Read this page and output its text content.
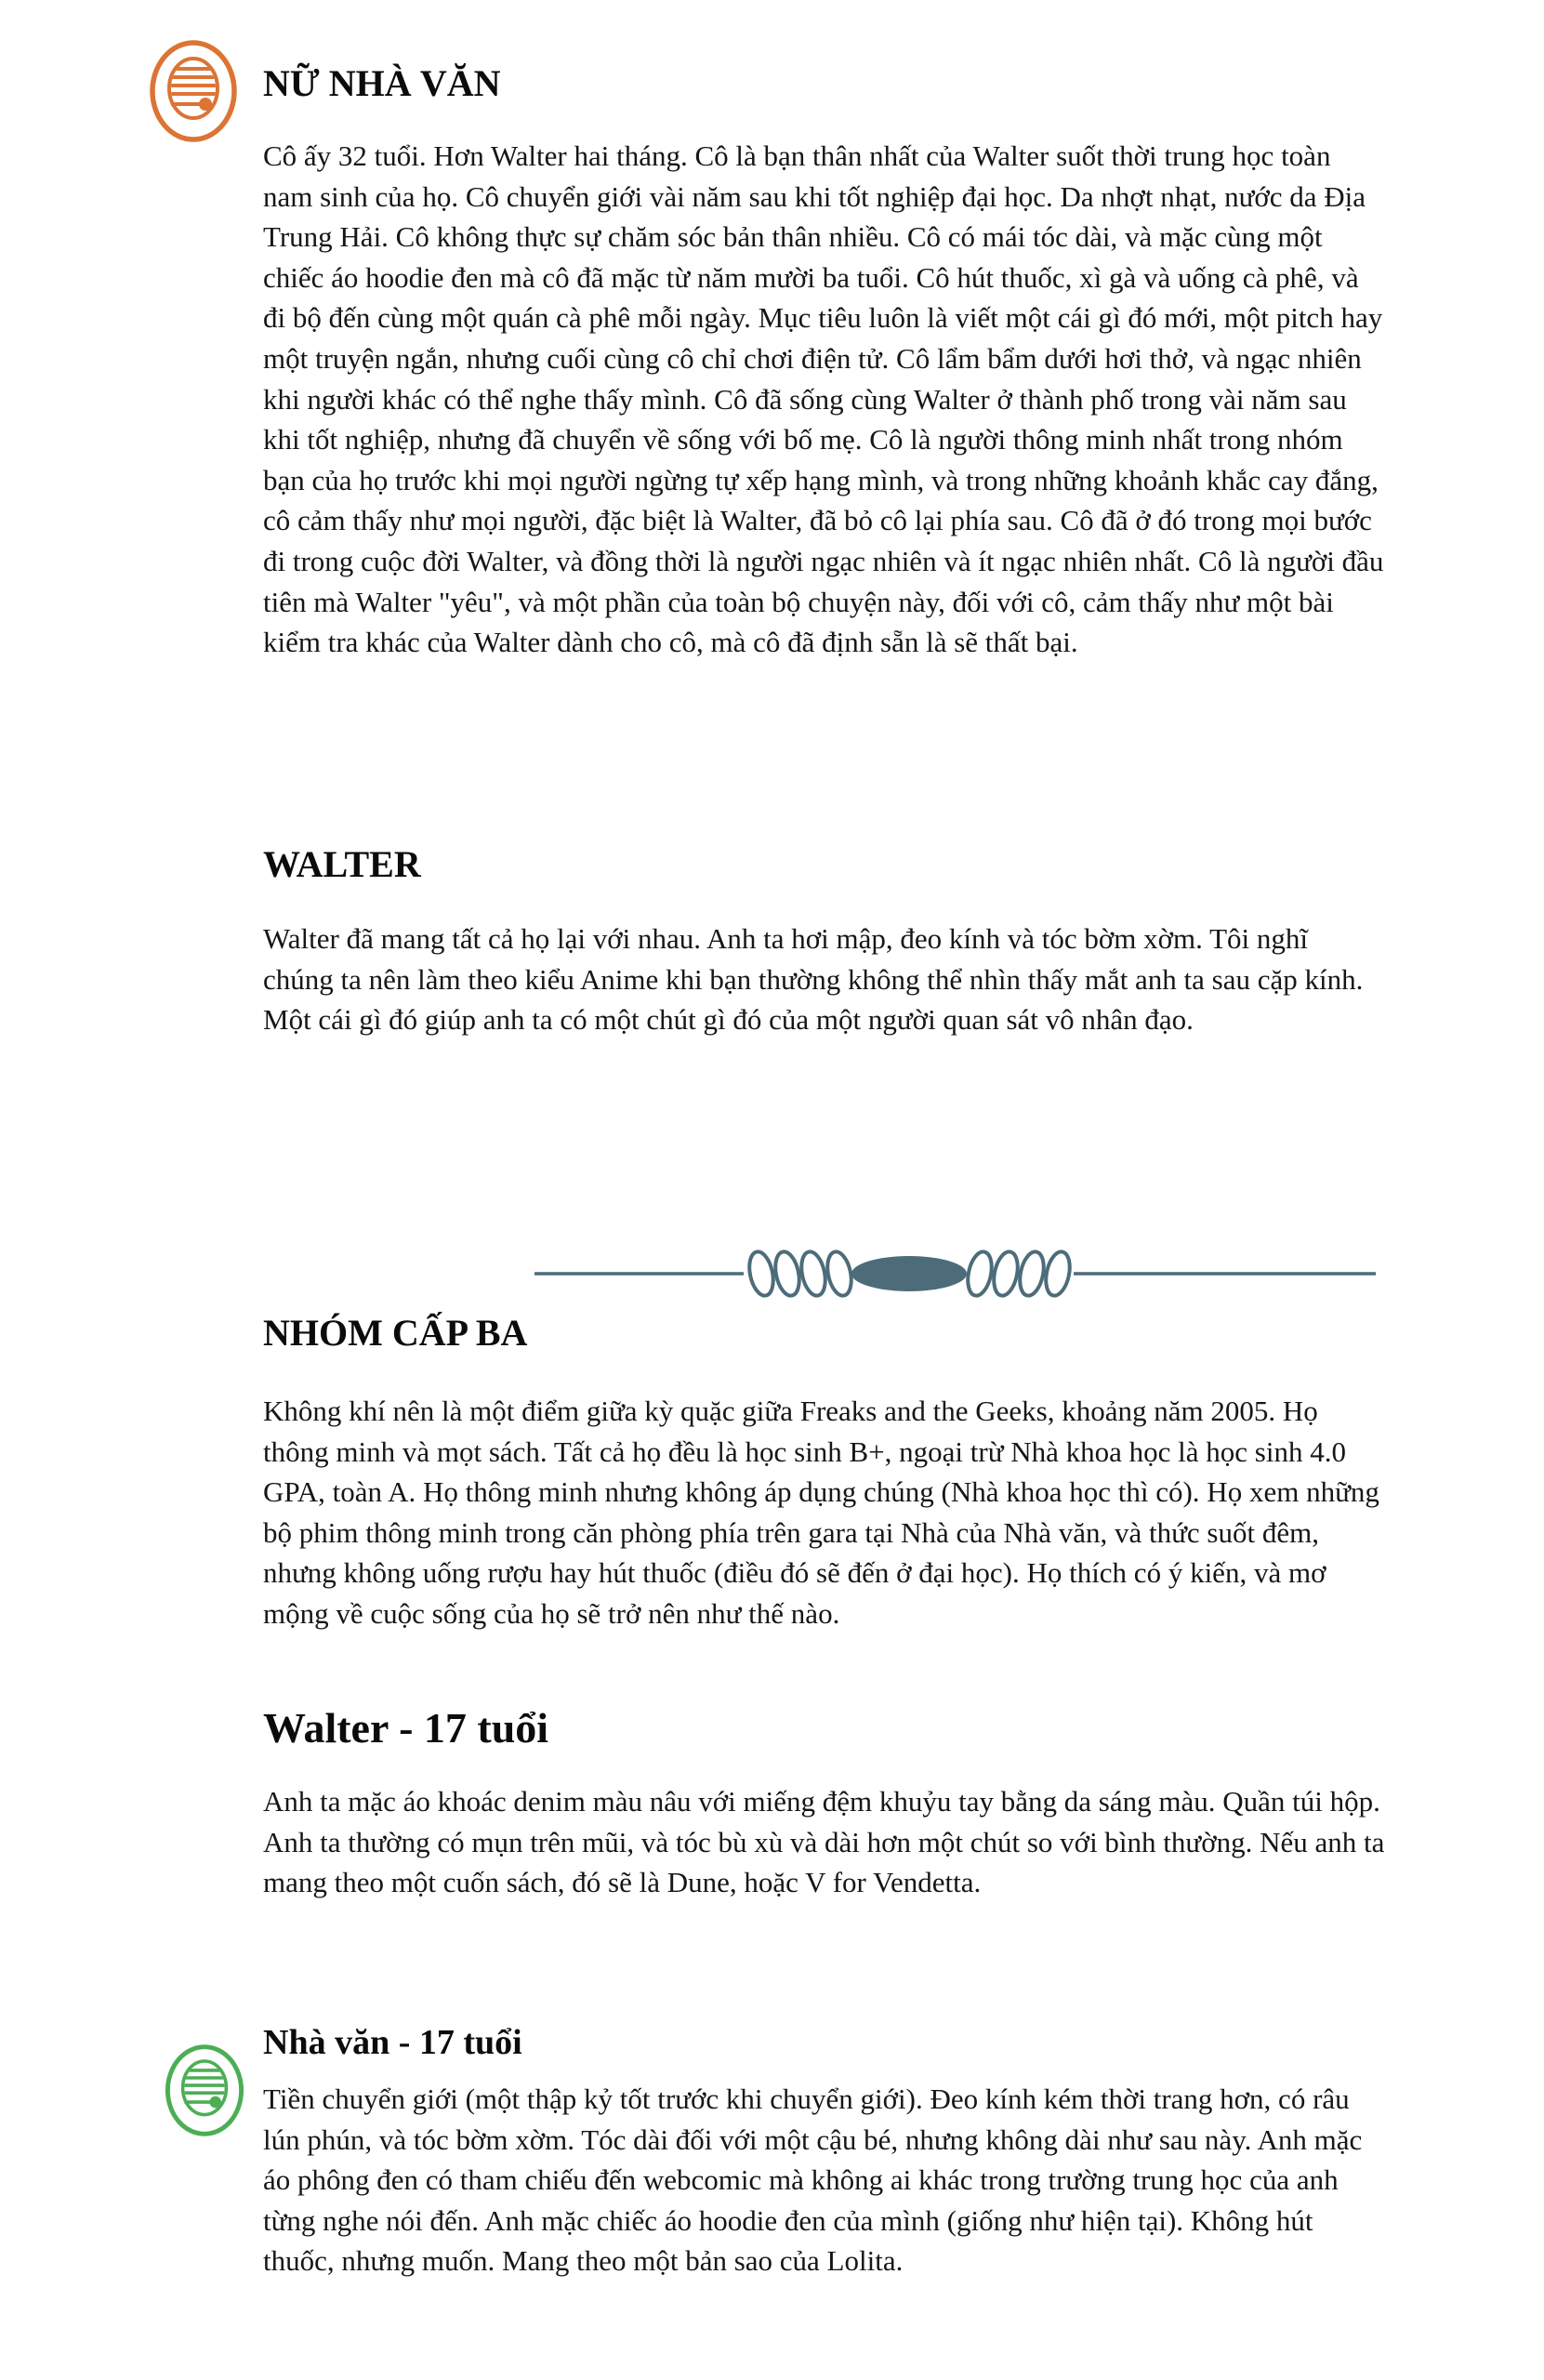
NỮ NHÀ VĂN

Cô ấy 32 tuổi. Hơn Walter hai tháng. Cô là bạn thân nhất của Walter suốt thời trung học toàn nam sinh của họ. Cô chuyển giới vài năm sau khi tốt nghiệp đại học. Da nhợt nhạt, nước da Địa Trung Hải. Cô không thực sự chăm sóc bản thân nhiều. Cô có mái tóc dài, và mặc cùng một chiếc áo hoodie đen mà cô đã mặc từ năm mười ba tuổi. Cô hút thuốc, xì gà và uống cà phê, và đi bộ đến cùng một quán cà phê mỗi ngày. Mục tiêu luôn là viết một cái gì đó mới, một pitch hay một truyện ngắn, nhưng cuối cùng cô chỉ chơi điện tử. Cô lẩm bẩm dưới hơi thở, và ngạc nhiên khi người khác có thể nghe thấy mình. Cô đã sống cùng Walter ở thành phố trong vài năm sau khi tốt nghiệp, nhưng đã chuyển về sống với bố mẹ. Cô là người thông minh nhất trong nhóm bạn của họ trước khi mọi người ngừng tự xếp hạng mình, và trong những khoảnh khắc cay đắng, cô cảm thấy như mọi người, đặc biệt là Walter, đã bỏ cô lại phía sau. Cô đã ở đó trong mọi bước đi trong cuộc đời Walter, và đồng thời là người ngạc nhiên và ít ngạc nhiên nhất. Cô là người đầu tiên mà Walter "yêu", và một phần của toàn bộ chuyện này, đối với cô, cảm thấy như một bài kiểm tra khác của Walter dành cho cô, mà cô đã định sẵn là sẽ thất bại.

WALTER

Walter đã mang tất cả họ lại với nhau. Anh ta hơi mập, đeo kính và tóc bờm xờm. Tôi nghĩ chúng ta nên làm theo kiểu Anime khi bạn thường không thể nhìn thấy mắt anh ta sau cặp kính. Một cái gì đó giúp anh ta có một chút gì đó của một người quan sát vô nhân đạo.

NHÓM CẤP BA

Không khí nên là một điểm giữa kỳ quặc giữa Freaks and the Geeks, khoảng năm 2005. Họ thông minh và mọt sách. Tất cả họ đều là học sinh B+, ngoại trừ Nhà khoa học là học sinh 4.0 GPA, toàn A. Họ thông minh nhưng không áp dụng chúng (Nhà khoa học thì có). Họ xem những bộ phim thông minh trong căn phòng phía trên gara tại Nhà của Nhà văn, và thức suốt đêm, nhưng không uống rượu hay hút thuốc (điều đó sẽ đến ở đại học). Họ thích có ý kiến, và mơ mộng về cuộc sống của họ sẽ trở nên như thế nào.

Walter - 17 tuổi

Anh ta mặc áo khoác denim màu nâu với miếng đệm khuỷu tay bằng da sáng màu. Quần túi hộp. Anh ta thường có mụn trên mũi, và tóc bù xù và dài hơn một chút so với bình thường. Nếu anh ta mang theo một cuốn sách, đó sẽ là Dune, hoặc V for Vendetta.

Nhà văn - 17 tuổi

Tiền chuyển giới (một thập kỷ tốt trước khi chuyển giới). Đeo kính kém thời trang hơn, có râu lún phún, và tóc bờm xờm. Tóc dài đối với một cậu bé, nhưng không dài như sau này. Anh mặc áo phông đen có tham chiếu đến webcomic mà không ai khác trong trường trung học của anh từng nghe nói đến. Anh mặc chiếc áo hoodie đen của mình (giống như hiện tại). Không hút thuốc, nhưng muốn. Mang theo một bản sao của Lolita.
